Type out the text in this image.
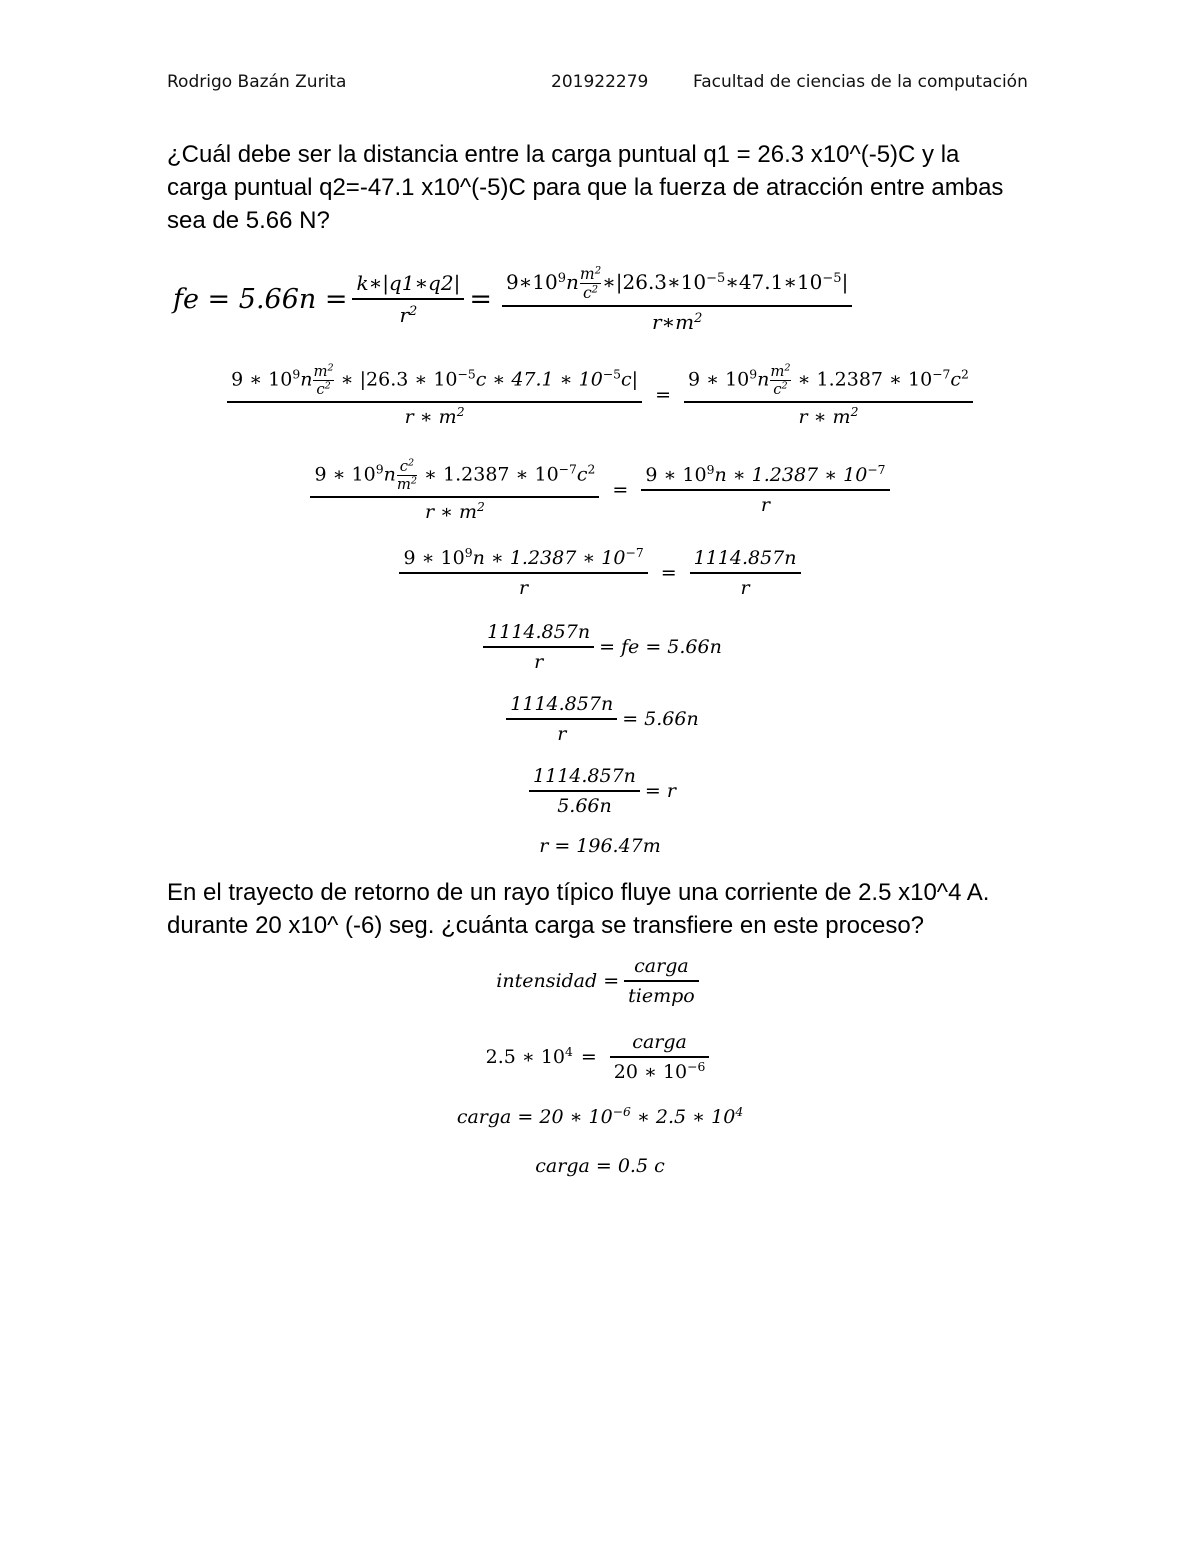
Rodrigo Bazán Zurita	201922279	Facultad de ciencias de la computación
¿Cuál debe ser la distancia entre la carga puntual q1 = 26.3 x10^(-5)C y la
carga puntual q2=-47.1 x10^(-5)C para que la fuerza de atracción entre ambas
sea de 5.66 N?
fe = $5.66n = \frac{k∗|q1∗q2|}{r^2} = \frac{9∗10^9n \frac{m^2}{c^2} ∗|26.3∗10^{-5}∗47.1∗10^{-5}|}{r∗m^2}$
$\frac{9 ∗ 10^9n \frac{m^2}{c^2} ∗ |26.3 ∗ 10^{-5}c ∗ 47.1 ∗ 10^{-5}c|}{r ∗ m^2} = \frac{9 ∗ 10^9n \frac{m^2}{c^2} ∗ 1.2387 ∗ 10^{-7}c^2}{r ∗ m^2}$
$\frac{9 ∗ 10^9n \frac{c^2}{m^2} ∗ 1.2387 ∗ 10^{-7}c^2}{r ∗ m^2} = \frac{9 ∗ 10^9n ∗ 1.2387 ∗ 10^{-7}}{r}$
$\frac{9 ∗ 10^9n ∗ 1.2387 ∗ 10^{-7}}{r} = \frac{1114.857n}{r}$
$\frac{1114.857n}{r}$ = fe = 5.66n
$\frac{1114.857n}{r} = 5.66n$
$\frac{1114.857n}{5.66n} = r$
r = 196.47m
En el trayecto de retorno de un rayo típico fluye una corriente de 2.5 x10^4 A.
durante 20 x10^ (-6) seg. ¿cuánta carga se transfiere en este proceso?
intensidad = $\frac{\text{carga}}{\text{tiempo}}$
2.5 ∗ $10^4 = \frac{\text{carga}}{20 ∗ 10^{-6}}$
carga = 20 ∗ $10^{-6}$ ∗ 2.5 ∗ $10^4$
carga = 0.5 c
